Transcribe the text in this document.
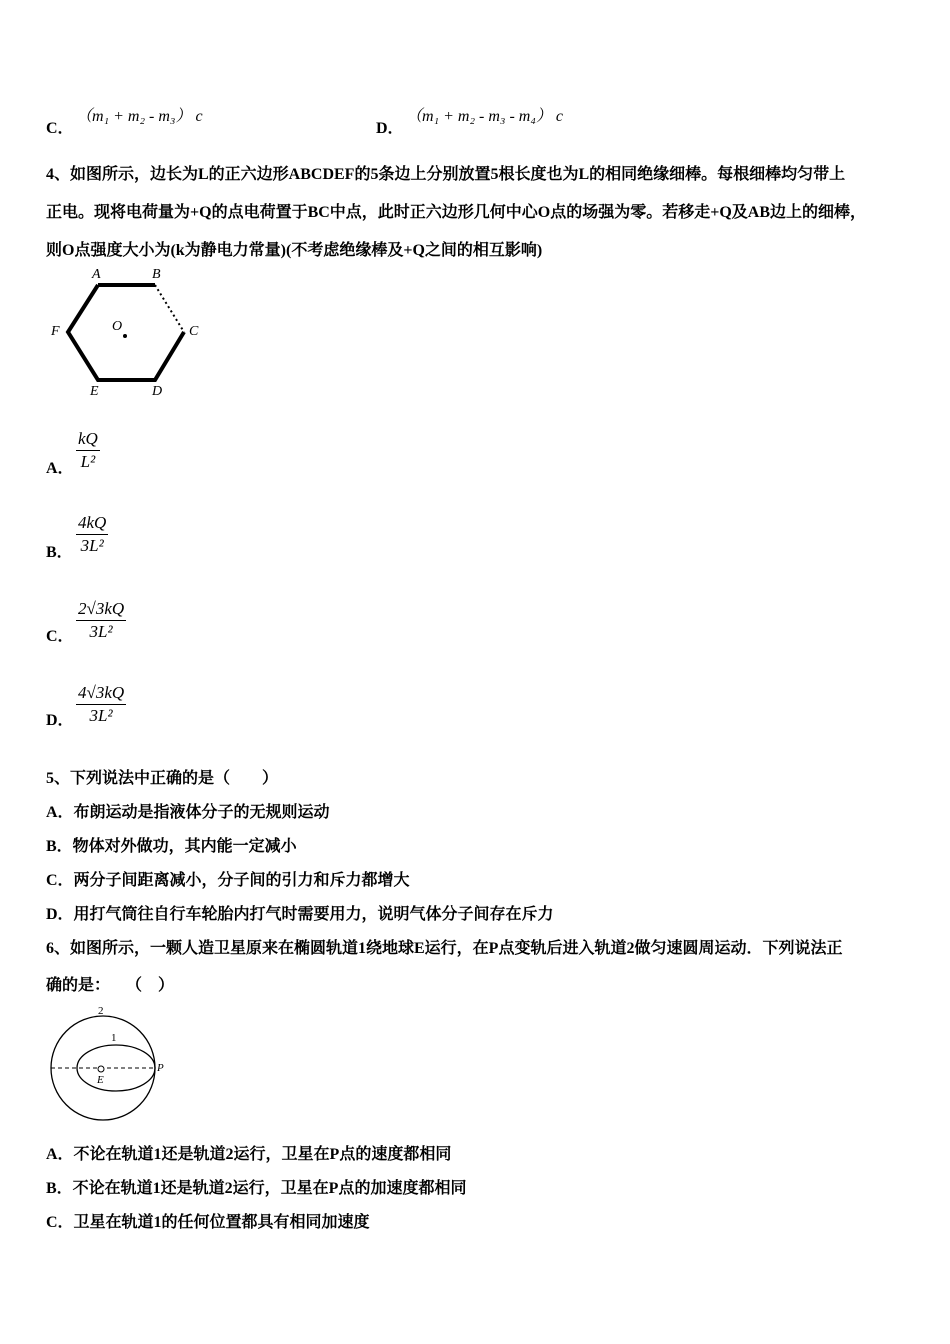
C．
（m₁ + m₂ - m₃） c
D．
（m₁ + m₂ - m₃ - m₄） c
4、如图所示，边长为L的正六边形ABCDEF的5条边上分别放置5根长度也为L的相同绝缘细棒。每根细棒均匀带上
正电。现将电荷量为+Q的点电荷置于BC中点，此时正六边形几何中心O点的场强为零。若移走+Q及AB边上的细棒，
则O点强度大小为(k为静电力常量)(不考虑绝缘棒及+Q之间的相互影响)
A	B
C
D
E
F	O
A． $\frac{kQ}{\text{L²}}$
B． $\frac{4kQ}{\text{3L²}}$
C． $\frac{2√3kQ}{\text{3L²}}$
D． $\frac{4√3kQ}{\text{3L²}}$
5、下列说法中正确的是（　　）
A．布朗运动是指液体分子的无规则运动
B．物体对外做功，其内能一定减小
C．两分子间距离减小，分子间的引力和斥力都增大
D．用打气筒往自行车轮胎内打气时需要用力，说明气体分子间存在斥力
6、如图所示，一颗人造卫星原来在椭圆轨道1绕地球E运行，在P点变轨后进入轨道2做匀速圆周运动．下列说法正
确的是：　　（　）
2
1
E
P
A．不论在轨道1还是轨道2运行，卫星在P点的速度都相同
B．不论在轨道1还是轨道2运行，卫星在P点的加速度都相同
C．卫星在轨道1的任何位置都具有相同加速度
